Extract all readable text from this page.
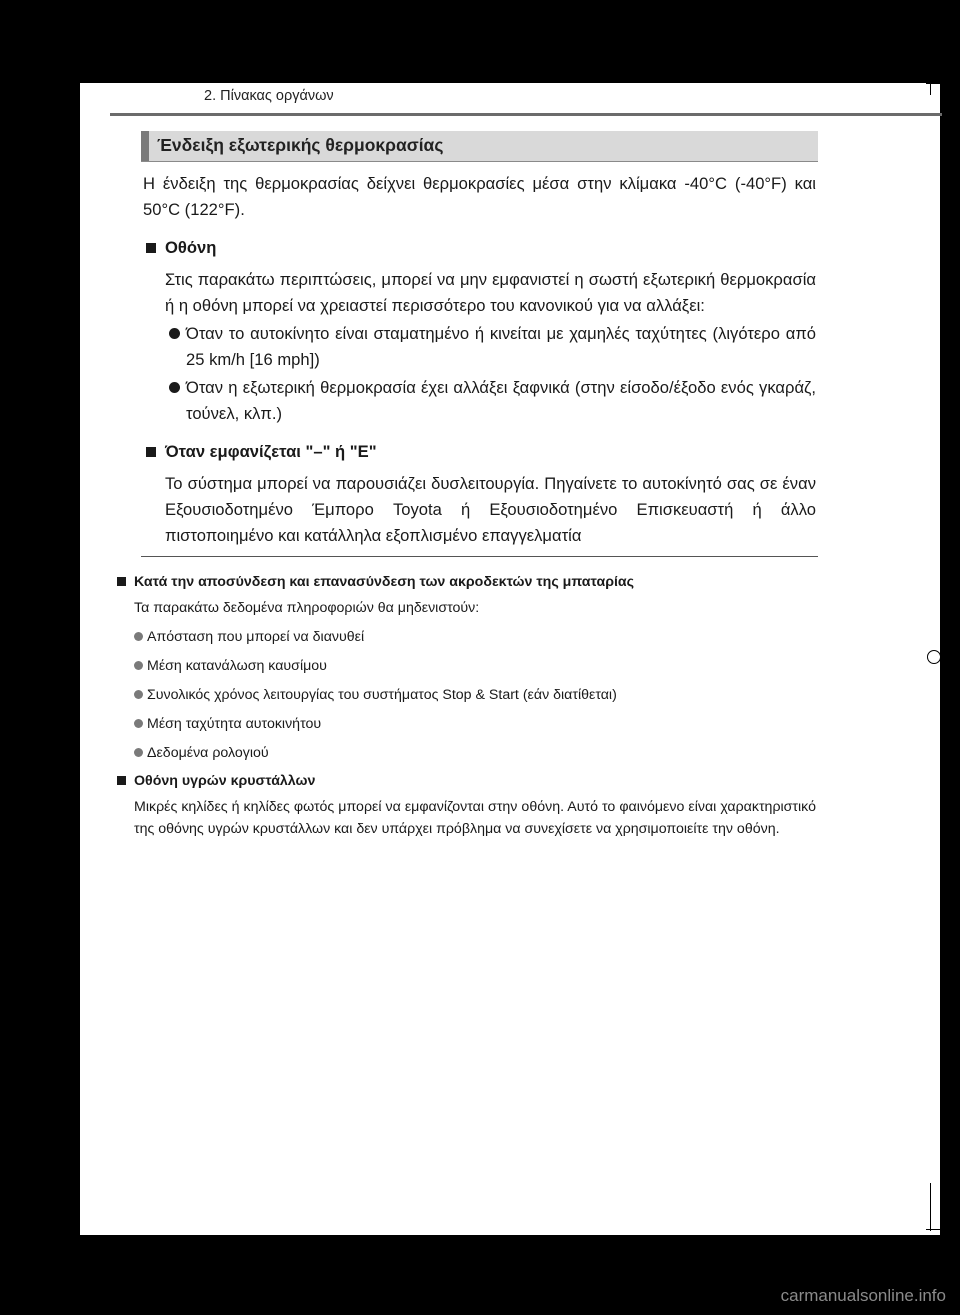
2. Πίνακας οργάνων
Ένδειξη εξωτερικής θερμοκρασίας

Η ένδειξη της θερμοκρασίας δείχνει θερμοκρασίες μέσα στην κλίμακα -40°C (-40°F) και 50°C (122°F).

Οθόνη
Στις παρακάτω περιπτώσεις, μπορεί να μην εμφανιστεί η σωστή εξωτερική θερμοκρασία ή η οθόνη μπορεί να χρειαστεί περισσότερο του κανονικού για να αλλάξει:
Όταν το αυτοκίνητο είναι σταματημένο ή κινείται με χαμηλές ταχύτητες (λιγότερο από 25 km/h [16 mph])
Όταν η εξωτερική θερμοκρασία έχει αλλάξει ξαφνικά (στην είσοδο/έξοδο ενός γκαράζ, τούνελ, κλπ.)
Όταν εμφανίζεται "–" ή "E"
Το σύστημα μπορεί να παρουσιάζει δυσλειτουργία. Πηγαίνετε το αυτοκίνητό σας σε έναν Εξουσιοδοτημένο Έμπορο Toyota ή Εξουσιοδοτημένο Επισκευαστή ή άλλο πιστοποιημένο και κατάλληλα εξοπλισμένο επαγγελματία
Κατά την αποσύνδεση και επανασύνδεση των ακροδεκτών της μπαταρίας
Τα παρακάτω δεδομένα πληροφοριών θα μηδενιστούν:
Απόσταση που μπορεί να διανυθεί
Μέση κατανάλωση καυσίμου
Συνολικός χρόνος λειτουργίας του συστήματος Stop & Start (εάν διατίθεται)
Μέση ταχύτητα αυτοκινήτου
Δεδομένα ρολογιού
Οθόνη υγρών κρυστάλλων
Μικρές κηλίδες ή κηλίδες φωτός μπορεί να εμφανίζονται στην οθόνη. Αυτό το φαινόμενο είναι χαρακτηριστικό της οθόνης υγρών κρυστάλλων και δεν υπάρχει πρόβλημα να συνεχίσετε να χρησιμοποιείτε την οθόνη.
carmanualsonline.info
